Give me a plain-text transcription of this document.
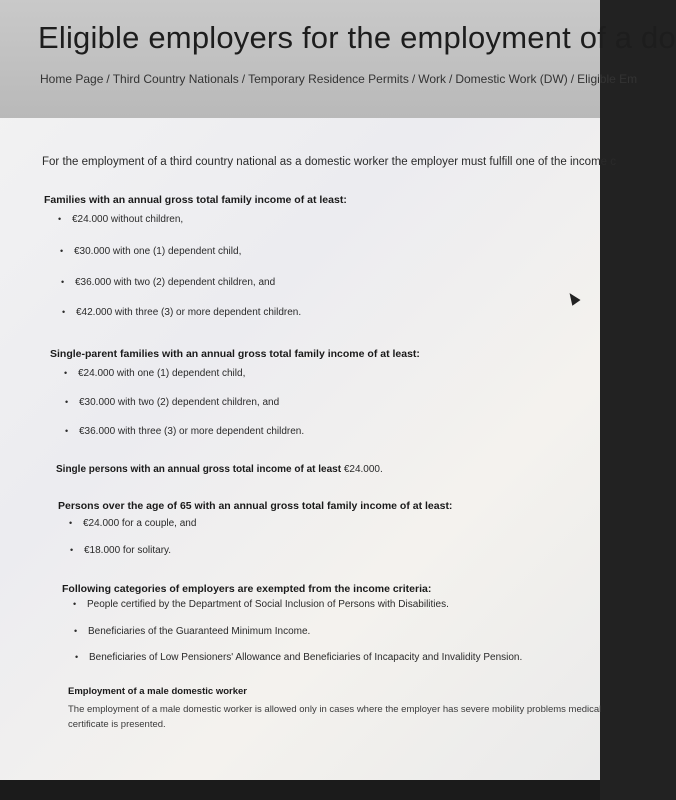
Eligible employers for the employment of a do
Home Page / Third Country Nationals / Temporary Residence Permits / Work / Domestic Work (DW) / Eligible Em
For the employment of a third country national as a domestic worker the employer must fulfill one of the income c
Families with an annual gross total family income of at least:
• €24.000 without children,
• €30.000 with one (1) dependent child,
• €36.000 with two (2) dependent children, and
• €42.000 with three (3) or more dependent children.
Single-parent families with an annual gross total family income of at least:
• €24.000 with one (1) dependent child,
• €30.000 with two (2) dependent children, and
• €36.000 with three (3) or more dependent children.
Single persons with an annual gross total income of at least €24.000.
Persons over the age of 65 with an annual gross total family income of at least:
• €24.000 for a couple, and
• €18.000 for solitary.
Following categories of employers are exempted from the income criteria:
• People certified by the Department of Social Inclusion of Persons with Disabilities.
• Beneficiaries of the Guaranteed Minimum Income.
• Beneficiaries of Low Pensioners' Allowance and Beneficiaries of Incapacity and Invalidity Pension.
Employment of a male domestic worker
The employment of a male domestic worker is allowed only in cases where the employer has severe mobility problems medical certificate is presented.
